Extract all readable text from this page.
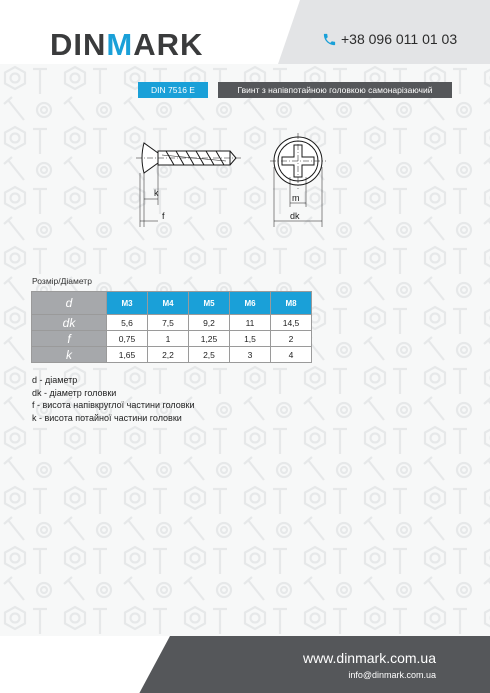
DINMARK	+38 096 011 01 03
DIN 7516 E	Гвинт з напівпотайною головкою самонарізаючий
k
f
m
dk
Розмір/Діаметр
d	M3	M4	M5	M6	M8
dk	5,6	7,5	9,2	11	14,5
f	0,75	1	1,25	1,5	2
k	1,65	2,2	2,5	3	4
d - діаметр
dk - діаметр головки
f - висота напівкруглої частини головки
k - висота потайної частини головки
www.dinmark.com.ua
info@dinmark.com.ua
